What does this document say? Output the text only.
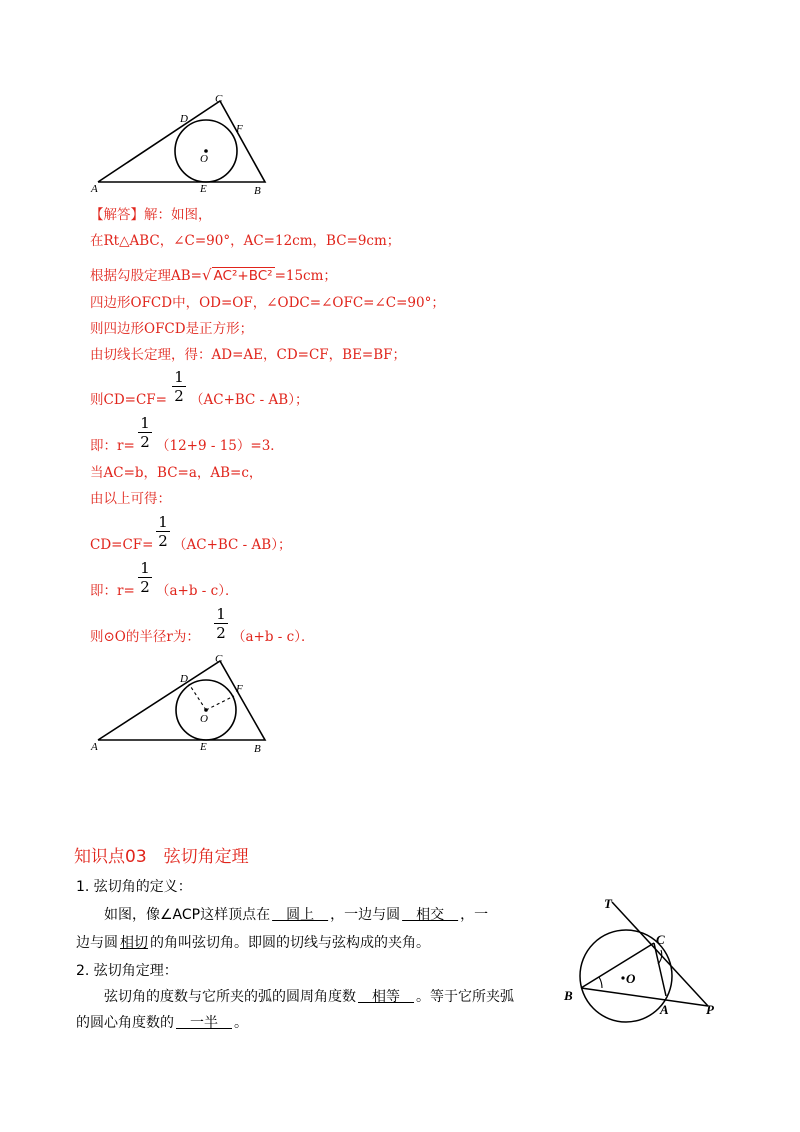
A	B
C
D
E
F
O
【解答】解：如图，
在Rt△ABC，∠C=90°，AC=12cm，BC=9cm；
根据勾股定理AB=√ AC²+BC² =15cm；
四边形OFCD中，OD=OF，∠ODC=∠OFC=∠C=90°；
则四边形OFCD是正方形；
由切线长定理，得：AD=AE，CD=CF，BE=BF；
则CD=CF=
1
2 （AC+BC - AB）；
即：r=
1
2 （12+9 - 15）=3．
当AC=b，BC=a，AB=c，
由以上可得：
CD=CF=
1
2 （AC+BC - AB）；
即：r=
1
2 （a+b - c）．
则⊙O的半径r为：
1
2 （a+b - c）．
A	B
C
D
E
F
O
知识点03　弦切角定理
1. 弦切角的定义：
如图，像∠ACP这样顶点在　圆上　，一边与圆　相交　，一
边与圆 相切 的角叫弦切角。即圆的切线与弦构成的夹角。
2. 弦切角定理：
弦切角的度数与它所夹的弧的圆周角度数　相等　。等于它所夹弧
的圆心角度数的　一半　。
T
C
B
O
A	P
